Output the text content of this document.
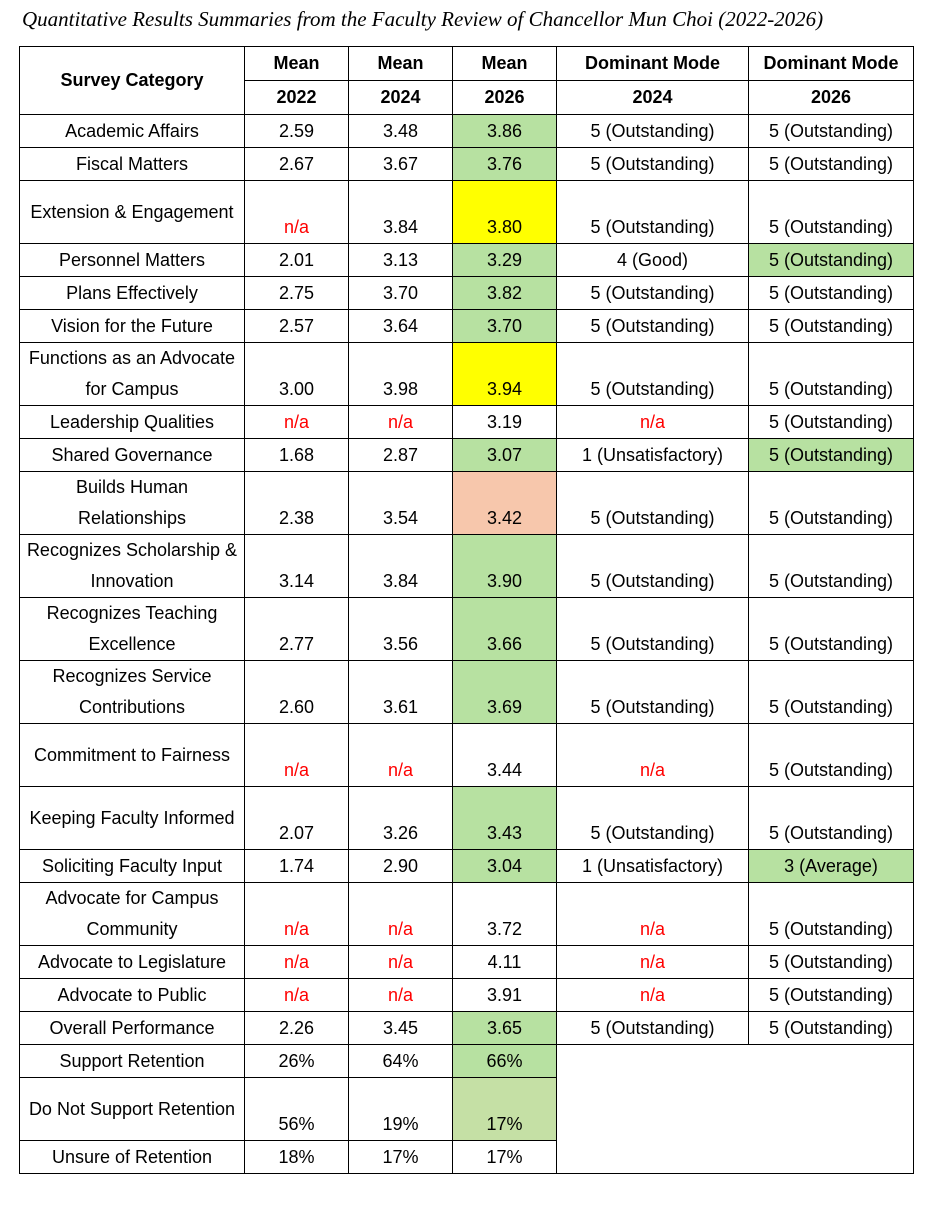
Quantitative Results Summaries from the Faculty Review of Chancellor Mun Choi (2022-2026)
Survey Category	Mean	Mean	Mean	Dominant Mode	Dominant Mode
	2022	2024	2026	2024	2026
Academic Affairs	2.59	3.48	3.86	5 (Outstanding)	5 (Outstanding)
Fiscal Matters	2.67	3.67	3.76	5 (Outstanding)	5 (Outstanding)
Extension & Engagement	n/a	3.84	3.80	5 (Outstanding)	5 (Outstanding)
Personnel Matters	2.01	3.13	3.29	4 (Good)	5 (Outstanding)
Plans Effectively	2.75	3.70	3.82	5 (Outstanding)	5 (Outstanding)
Vision for the Future	2.57	3.64	3.70	5 (Outstanding)	5 (Outstanding)
Functions as an Advocate for Campus	3.00	3.98	3.94	5 (Outstanding)	5 (Outstanding)
Leadership Qualities	n/a	n/a	3.19	n/a	5 (Outstanding)
Shared Governance	1.68	2.87	3.07	1 (Unsatisfactory)	5 (Outstanding)
Builds Human Relationships	2.38	3.54	3.42	5 (Outstanding)	5 (Outstanding)
Recognizes Scholarship & Innovation	3.14	3.84	3.90	5 (Outstanding)	5 (Outstanding)
Recognizes Teaching Excellence	2.77	3.56	3.66	5 (Outstanding)	5 (Outstanding)
Recognizes Service Contributions	2.60	3.61	3.69	5 (Outstanding)	5 (Outstanding)
Commitment to Fairness	n/a	n/a	3.44	n/a	5 (Outstanding)
Keeping Faculty Informed	2.07	3.26	3.43	5 (Outstanding)	5 (Outstanding)
Soliciting Faculty Input	1.74	2.90	3.04	1 (Unsatisfactory)	3 (Average)
Advocate for Campus Community	n/a	n/a	3.72	n/a	5 (Outstanding)
Advocate to Legislature	n/a	n/a	4.11	n/a	5 (Outstanding)
Advocate to Public	n/a	n/a	3.91	n/a	5 (Outstanding)
Overall Performance	2.26	3.45	3.65	5 (Outstanding)	5 (Outstanding)
Support Retention	26%	64%	66%		
Do Not Support Retention	56%	19%	17%		
Unsure of Retention	18%	17%	17%		
